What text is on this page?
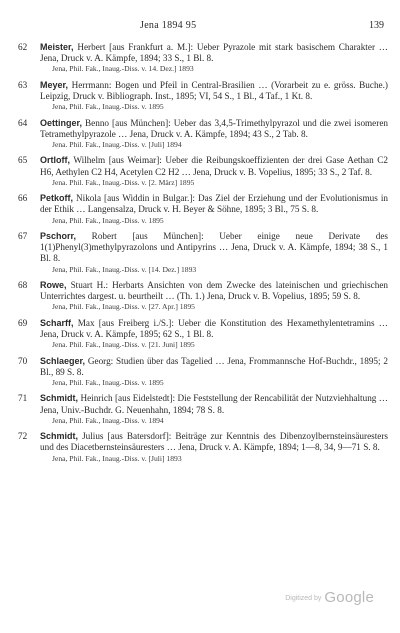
Jena 1894 95	139
62	Meister, Herbert [aus Frankfurt a. M.]: Ueber Pyrazole mit stark basischem Charakter … Jena, Druck v. A. Kämpfe, 1894; 33 S., 1 Bl. 8.
Jena, Phil. Fak., Inaug.-Diss. v. 14. Dez.] 1893
63	Meyer, Herrmann: Bogen und Pfeil in Central-Brasilien … (Vorarbeit zu e. gröss. Buche.) Leipzig, Druck v. Bibliograph. Inst., 1895; VI, 54 S., 1 Bl., 4 Taf., 1 Kt. 8.
Jena, Phil. Fak., Inaug.-Diss. v. 1895
64	Oettinger, Benno [aus München]: Ueber das 3,4,5-Trimethylpyrazol und die zwei isomeren Tetramethylpyrazole … Jena, Druck v. A. Kämpfe, 1894; 43 S., 2 Tab. 8.
Jena. Phil. Fak., Inaug.-Diss. v. [Juli] 1894
65	Ortloff, Wilhelm [aus Weimar]: Ueber die Reibungskoeffizienten der drei Gase Aethan C2 H6, Aethylen C2 H4, Acetylen C2 H2 … Jena, Druck v. B. Vopelius, 1895; 33 S., 2 Taf. 8.
Jena. Phil. Fak., Inaug.-Diss. v. [2. März] 1895
66	Petkoff, Nikola [aus Widdin in Bulgar.]: Das Ziel der Erziehung und der Evolutionismus in der Ethik … Langensalza, Druck v. H. Beyer & Söhne, 1895; 3 Bl., 75 S. 8.
Jena, Phil. Fak., Inaug.-Diss. v. 1895
67	Pschorr, Robert [aus München]: Ueber einige neue Derivate des 1(1)Phenyl(3)methylpyrazolons und Antipyrins … Jena, Druck v. A. Kämpfe, 1894; 38 S., 1 Bl. 8.
Jena, Phil. Fak., Inaug.-Diss. v. [14. Dez.] 1893
68	Rowe, Stuart H.: Herbarts Ansichten von dem Zwecke des lateinischen und griechischen Unterrichtes dargest. u. beurtheilt … (Th. 1.) Jena, Druck v. B. Vopelius, 1895; 59 S. 8.
Jena, Phil. Fak., Inaug.-Diss. v. [27. Apr.] 1895
69	Scharff, Max [aus Freiberg i./S.]: Ueber die Konstitution des Hexamethylentetramins … Jena, Druck v. A. Kämpfe, 1895; 62 S., 1 Bl. 8.
Jena. Phil. Fak., Inaug.-Diss. v. [21. Juni] 1895
70	Schlaeger, Georg: Studien über das Tagelied … Jena, Frommannsche Hof-Buchdr., 1895; 2 Bl., 89 S. 8.
Jena, Phil. Fak., Inaug.-Diss. v. 1895
71	Schmidt, Heinrich [aus Eidelstedt]: Die Feststellung der Rencabilität der Nutzviehhaltung … Jena, Univ.-Buchdr. G. Neuenhahn, 1894; 78 S. 8.
Jena, Phil. Fak., Inaug.-Diss. v. 1894
72	Schmidt, Julius [aus Batersdorf]: Beiträge zur Kenntnis des Dibenzoylbernsteinsäuresters und des Diacetbernsteinsäuresters … Jena, Druck v. A. Kämpfe, 1894; 1—8, 34, 9—71 S. 8.
Jena, Phil. Fak., Inaug.-Diss. v. [Juli] 1893
Digitized by Google
